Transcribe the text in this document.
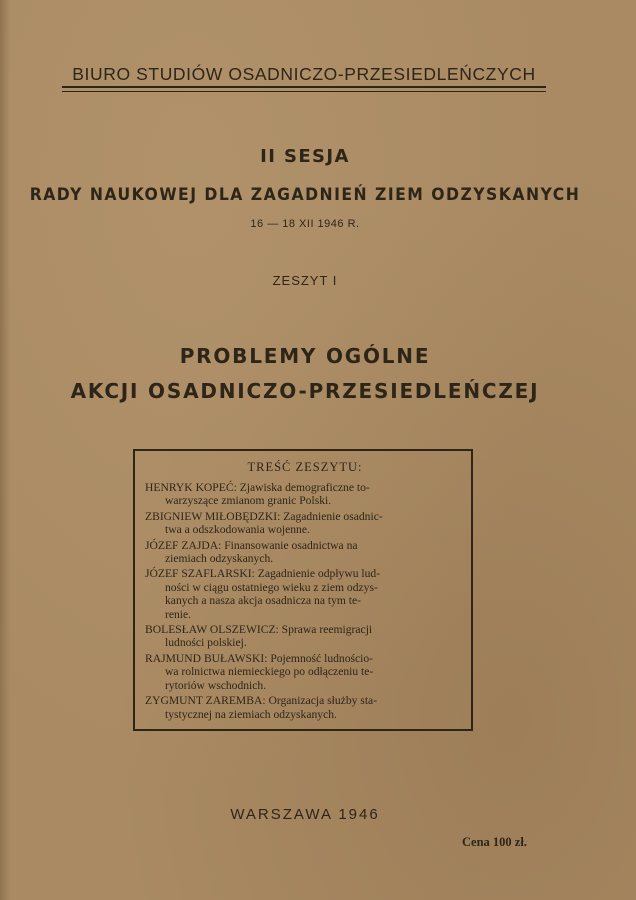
BIURO STUDIÓW OSADNICZO-PRZESIEDLEŃCZYCH
II SESJA
RADY NAUKOWEJ DLA ZAGADNIEŃ ZIEM ODZYSKANYCH
16 — 18 XII 1946 R.
ZESZYT I
PROBLEMY OGÓLNE
AKCJI OSADNICZO-PRZESIEDLEŃCZEJ
TREŚĆ ZESZYTU:
HENRYK KOPEĆ: Zjawiska demograficzne to-
warzyszące zmianom granic Polski.
ZBIGNIEW MIŁOBĘDZKI: Zagadnienie osadnic-
twa a odszkodowania wojenne.
JÓZEF ZAJDA: Finansowanie osadnictwa na
ziemiach odzyskanych.
JÓZEF SZAFLARSKI: Zagadnienie odpływu lud-
ności w ciągu ostatniego wieku z ziem odzys-
kanych a nasza akcja osadnicza na tym te-
renie.
BOLESŁAW OLSZEWICZ: Sprawa reemigracji
ludności polskiej.
RAJMUND BUŁAWSKI: Pojemność ludnościo-
wa rolnictwa niemieckiego po odłączeniu te-
rytoriów wschodnich.
ZYGMUNT ZAREMBA: Organizacja służby sta-
tystycznej na ziemiach odzyskanych.
WARSZAWA 1946
Cena 100 zł.
